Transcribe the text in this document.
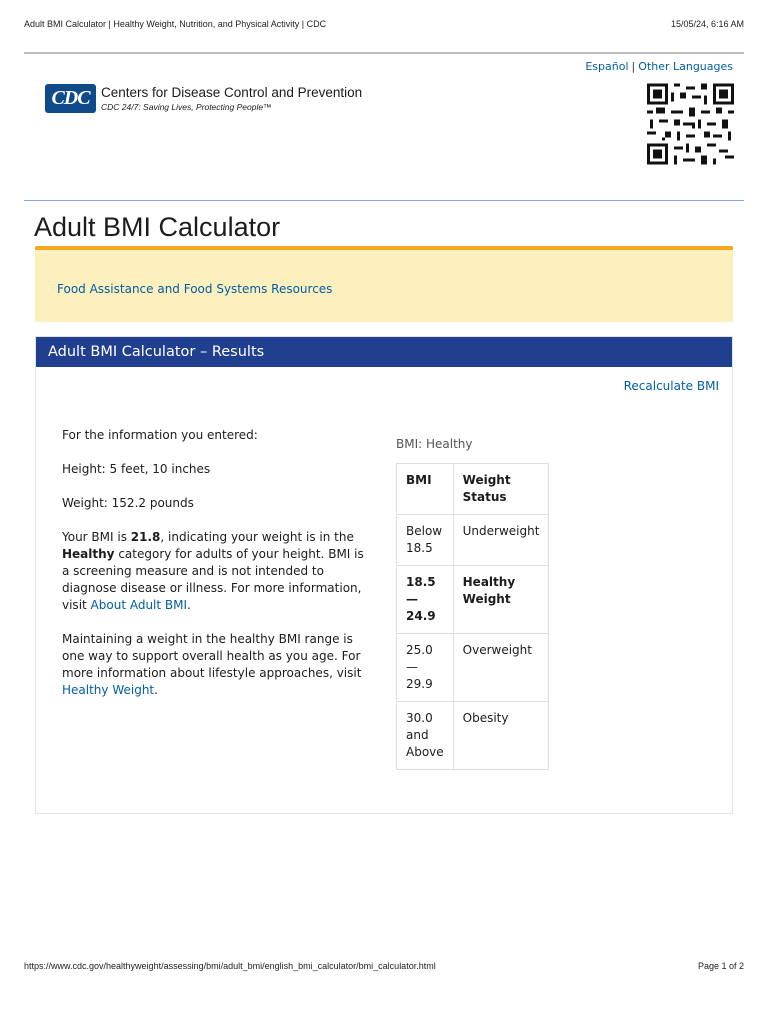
Adult BMI Calculator | Healthy Weight, Nutrition, and Physical Activity | CDC	15/05/24, 6:16 AM
Español | Other Languages
CDC Centers for Disease Control and Prevention
CDC 24/7: Saving Lives, Protecting People™
Adult BMI Calculator
Food Assistance and Food Systems Resources
Adult BMI Calculator – Results
Recalculate BMI

For the information you entered:

Height: 5 feet, 10 inches

Weight: 152.2 pounds

Your BMI is 21.8, indicating your weight is in the Healthy category for adults of your height. BMI is a screening measure and is not intended to diagnose disease or illness. For more information, visit About Adult BMI.

Maintaining a weight in the healthy BMI range is one way to support overall health as you age. For more information about lifestyle approaches, visit Healthy Weight.

BMI: Healthy
BMI	Weight Status
Below 18.5	Underweight
18.5 — 24.9	Healthy Weight
25.0 — 29.9	Overweight
30.0 and Above	Obesity
https://www.cdc.gov/healthyweight/assessing/bmi/adult_bmi/english_bmi_calculator/bmi_calculator.html	Page 1 of 2
